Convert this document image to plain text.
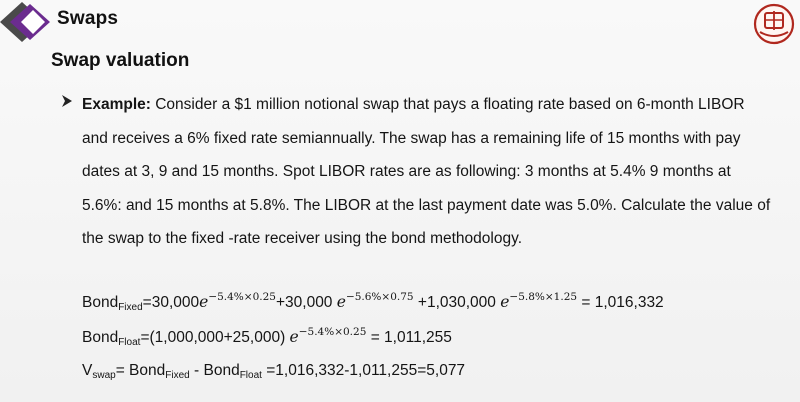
Swaps
Swap valuation
Example: Consider a $1 million notional swap that pays a floating rate based on 6-month LIBOR and receives a 6% fixed rate semiannually. The swap has a remaining life of 15 months with pay dates at 3, 9 and 15 months. Spot LIBOR rates are as following: 3 months at 5.4% 9 months at 5.6%: and 15 months at 5.8%. The LIBOR at the last payment date was 5.0%. Calculate the value of the swap to the fixed -rate receiver using the bond methodology.
$Bond_{Fixed}=30,000e^{-5.4\%\times 0.25}+30,000$ $e^{-5.6\%\times 0.75} +1,030,000$ $e^{-5.8\%\times 1.25} = 1,016,332$
Bond$_{Float}$=(1,000,000+25,000) $e^{-5.4\%\times 0.25} = 1,011,255$
$V_{swap}=$ Bond$_{Fixed}$ - Bond$_{Float}$ =1,016,332-1,011,255=5,077
